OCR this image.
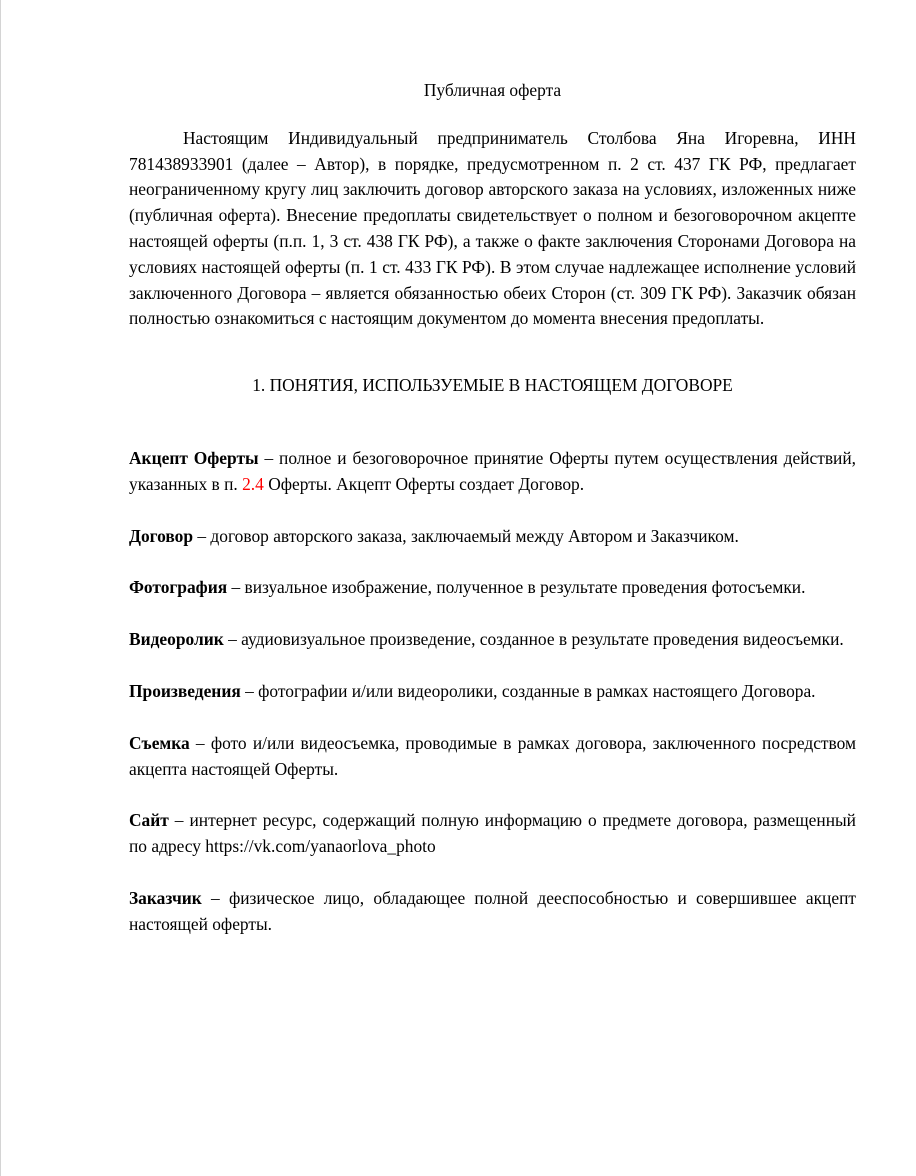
Публичная оферта

Настоящим Индивидуальный предприниматель Столбова Яна Игоревна, ИНН 781438933901 (далее – Автор), в порядке, предусмотренном п. 2 ст. 437 ГК РФ, предлагает неограниченному кругу лиц заключить договор авторского заказа на условиях, изложенных ниже (публичная оферта). Внесение предоплаты свидетельствует о полном и безоговорочном акцепте настоящей оферты (п.п. 1, 3 ст. 438 ГК РФ), а также о факте заключения Сторонами Договора на условиях настоящей оферты (п. 1 ст. 433 ГК РФ). В этом случае надлежащее исполнение условий заключенного Договора – является обязанностью обеих Сторон (ст. 309 ГК РФ). Заказчик обязан полностью ознакомиться с настоящим документом до момента внесения предоплаты.

1. ПОНЯТИЯ, ИСПОЛЬЗУЕМЫЕ В НАСТОЯЩЕМ ДОГОВОРЕ

Акцепт Оферты – полное и безоговорочное принятие Оферты путем осуществления действий, указанных в п. 2.4 Оферты. Акцепт Оферты создает Договор.

Договор – договор авторского заказа, заключаемый между Автором и Заказчиком.

Фотография – визуальное изображение, полученное в результате проведения фотосъемки.

Видеоролик – аудиовизуальное произведение, созданное в результате проведения видеосъемки.

Произведения – фотографии и/или видеоролики, созданные в рамках настоящего Договора.

Съемка – фото и/или видеосъемка, проводимые в рамках договора, заключенного посредством акцепта настоящей Оферты.

Сайт – интернет ресурс, содержащий полную информацию о предмете договора, размещенный по адресу https://vk.com/yanaorlova_photo

Заказчик – физическое лицо, обладающее полной дееспособностью и совершившее акцепт настоящей оферты.
